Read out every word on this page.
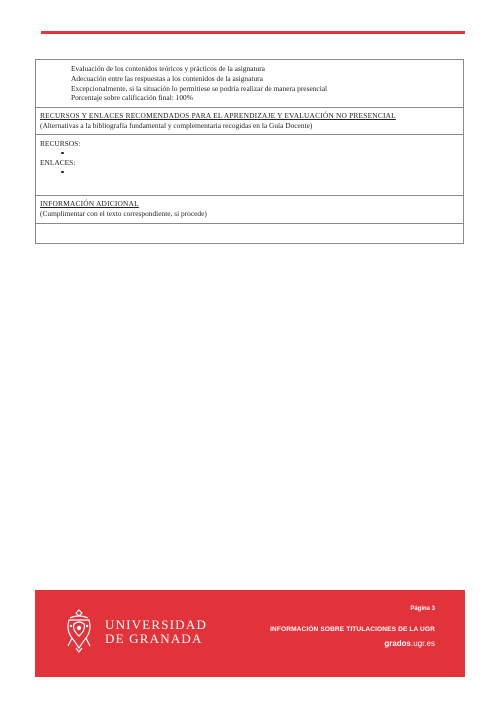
Evaluación de los contenidos teóricos y prácticos de la asignatura
Adecuación entre las respuestas a los contenidos de la asignatura
Excepcionalmente, si la situación lo permitiese se podría realizar de manera presencial
Porcentaje sobre calificación final: 100%
RECURSOS Y ENLACES RECOMENDADOS PARA EL APRENDIZAJE Y EVALUACIÓN NO PRESENCIAL
(Alternativas a la bibliografía fundamental y complementaria recogidas en la Guía Docente)
RECURSOS:
ENLACES:
INFORMACIÓN ADICIONAL
(Cumplimentar con el texto correspondiente, si procede)
UNIVERSIDAD
DE GRANADA
Página 3
INFORMACIÓN SOBRE TITULACIONES DE LA UGR
grados.ugr.es
